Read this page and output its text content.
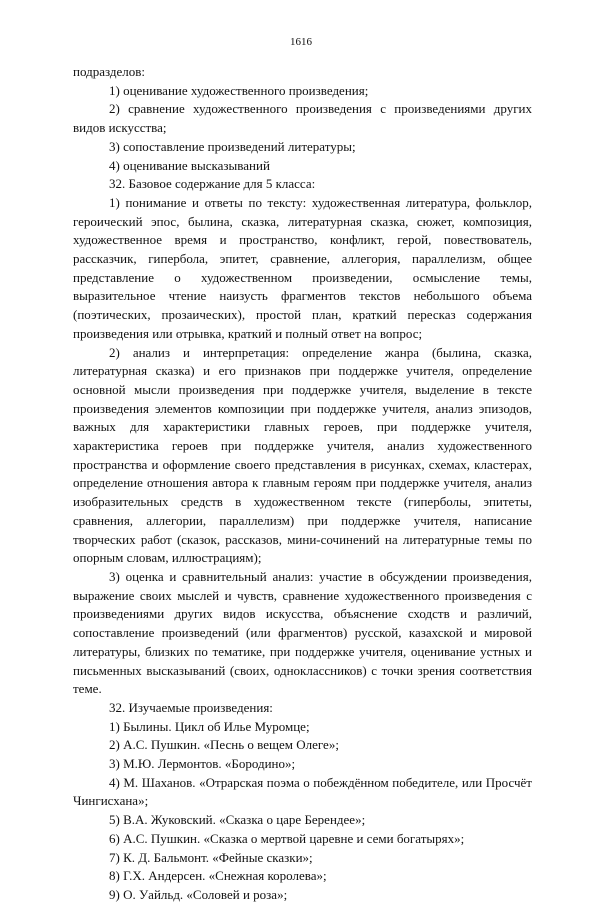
1616

подразделов:

1) оценивание художественного произведения;

2) сравнение художественного произведения с произведениями других видов искусства;

3) сопоставление произведений литературы;

4) оценивание высказываний

32. Базовое содержание для 5 класса:

1) понимание и ответы по тексту: художественная литература, фольклор, героический эпос, былина, сказка, литературная сказка, сюжет, композиция, художественное время и пространство, конфликт, герой, повествователь, рассказчик, гипербола, эпитет, сравнение, аллегория, параллелизм, общее представление о художественном произведении, осмысление темы, выразительное чтение наизусть фрагментов текстов небольшого объема (поэтических, прозаических), простой план, краткий пересказ содержания произведения или отрывка, краткий и полный ответ на вопрос;

2) анализ и интерпретация: определение жанра (былина, сказка, литературная сказка) и его признаков при поддержке учителя, определение основной мысли произведения при поддержке учителя, выделение в тексте произведения элементов композиции при поддержке учителя, анализ эпизодов, важных для характеристики главных героев, при поддержке учителя, характеристика героев при поддержке учителя, анализ художественного пространства и оформление своего представления в рисунках, схемах, кластерах, определение отношения автора к главным героям при поддержке учителя, анализ изобразительных средств в художественном тексте (гиперболы, эпитеты, сравнения, аллегории, параллелизм) при поддержке учителя, написание творческих работ (сказок, рассказов, мини-сочинений на литературные темы по опорным словам, иллюстрациям);

3) оценка и сравнительный анализ: участие в обсуждении произведения, выражение своих мыслей и чувств, сравнение художественного произведения с произведениями других видов искусства, объяснение сходств и различий, сопоставление произведений (или фрагментов) русской, казахской и мировой литературы, близких по тематике, при поддержке учителя, оценивание устных и письменных высказываний (своих, одноклассников) с точки зрения соответствия теме.

32. Изучаемые произведения:

1) Былины. Цикл об Илье Муромце;

2) А.С. Пушкин. «Песнь о вещем Олеге»;

3) М.Ю. Лермонтов. «Бородино»;

4) М. Шаханов. «Отрарская поэма о побеждённом победителе, или Просчёт Чингисхана»;

5) В.А. Жуковский. «Сказка о царе Берендее»;

6) А.С. Пушкин. «Сказка о мертвой царевне и семи богатырях»;

7) К. Д. Бальмонт. «Фейные сказки»;

8) Г.Х. Андерсен. «Снежная королева»;

9) О. Уайльд. «Соловей и роза»;
